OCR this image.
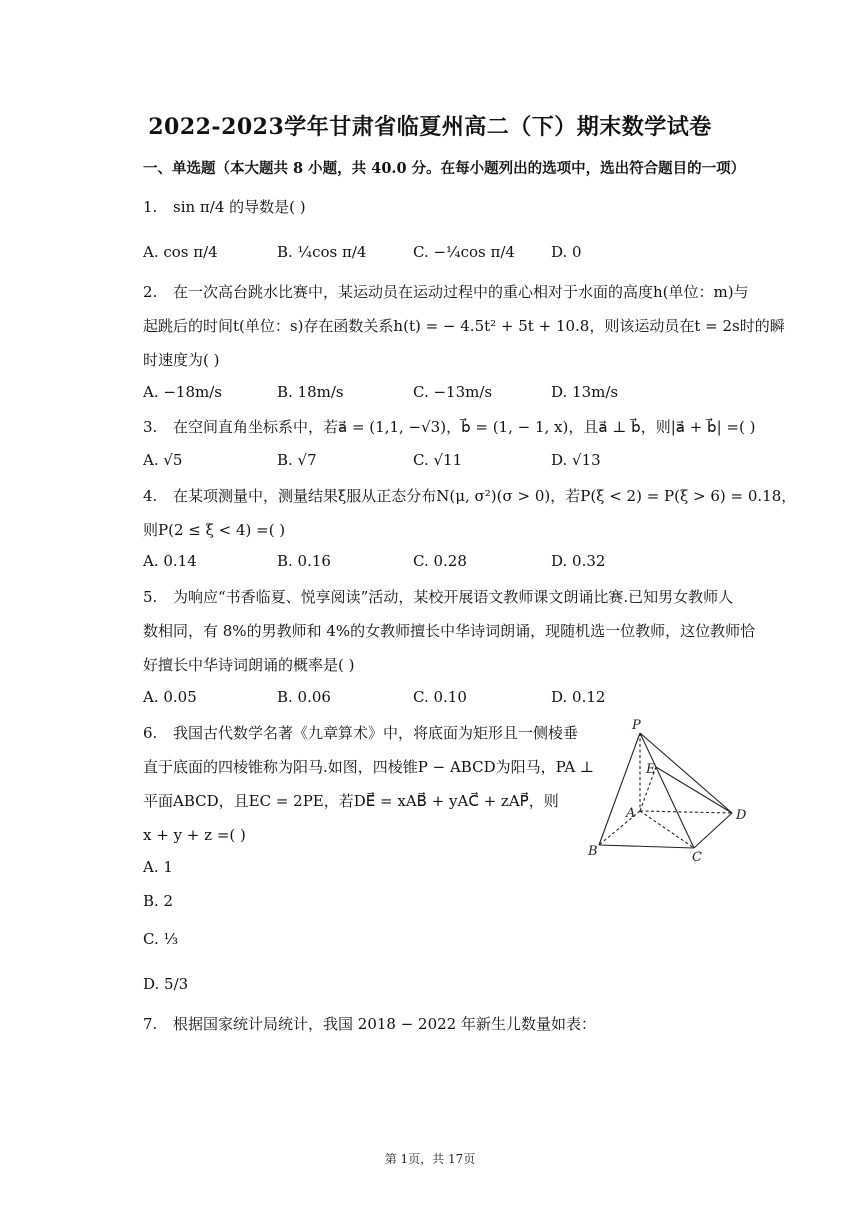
2022-2023学年甘肃省临夏州高二（下）期末数学试卷
一、单选题（本大题共 8 小题，共 40.0 分。在每小题列出的选项中，选出符合题目的一项）
1. sin π/4 的导数是( )
A. cos π/4	B. ¼cos π/4	C. −¼cos π/4 D. 0
2. 在一次高台跳水比赛中，某运动员在运动过程中的重心相对于水面的高度h(单位：m)与
起跳后的时间t(单位：s)存在函数关系h(t) = − 4.5t² + 5t + 10.8，则该运动员在t = 2s时的瞬
时速度为( )
A. −18m/s	B. 18m/s	C. −13m/s	D. 13m/s
3. 在空间直角坐标系中，若a⃗ = (1,1, −√3)，b⃗ = (1, − 1, x)，且a⃗ ⊥ b⃗，则|a⃗ + b⃗| =( )
A. √5	B. √7	C. √11	D. √13
4. 在某项测量中，测量结果ξ服从正态分布N(μ, σ²)(σ > 0)，若P(ξ < 2) = P(ξ > 6) = 0.18，
则P(2 ≤ ξ < 4) =( )
A. 0.14	B. 0.16	C. 0.28	D. 0.32
5. 为响应“书香临夏、悦享阅读”活动，某校开展语文教师课文朗诵比赛.已知男女教师人
数相同，有 8%的男教师和 4%的女教师擅长中华诗词朗诵，现随机选一位教师，这位教师恰
好擅长中华诗词朗诵的概率是( )
A. 0.05	B. 0.06	C. 0.10	D. 0.12
6. 我国古代数学名著《九章算术》中，将底面为矩形且一侧棱垂
直于底面的四棱锥称为阳马.如图，四棱锥P − ABCD为阳马，PA ⊥
平面ABCD，且EC = 2PE，若DE⃗ = xAB⃗ + yAC⃗ + zAP⃗，则
x + y + z =( )
A. 1
B. 2
C. ⅓
D. 5/3
P
E
A	D
B	C
7. 根据国家统计局统计，我国 2018 − 2022 年新生儿数量如表：
第 1页，共 17页
